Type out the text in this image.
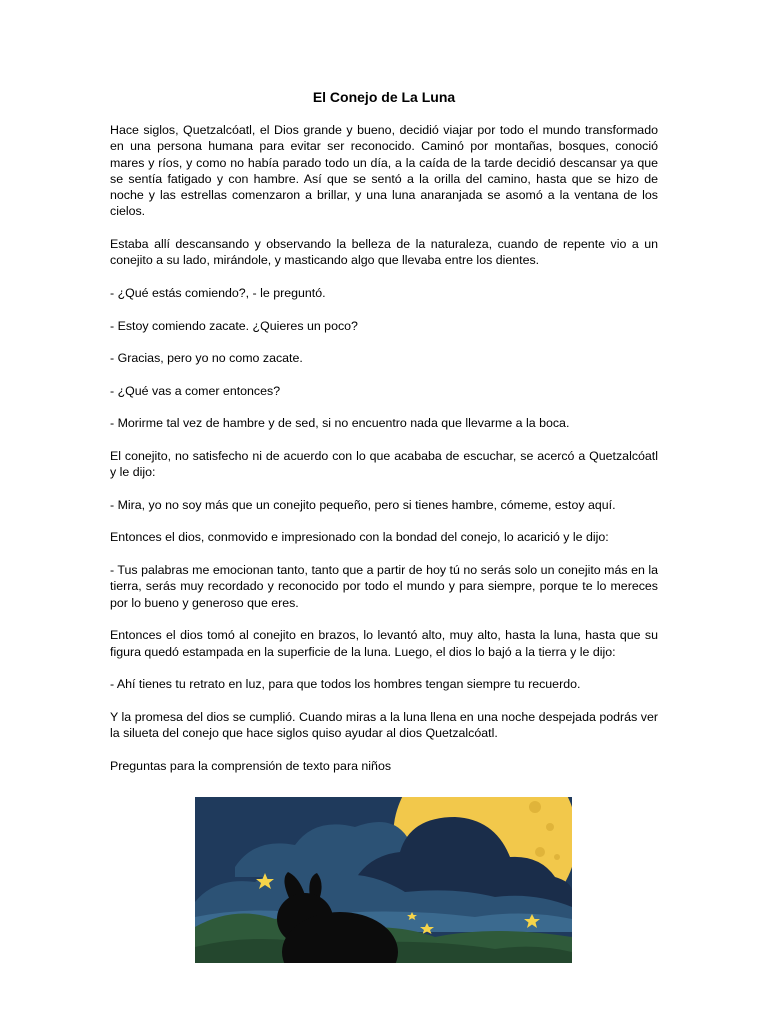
El Conejo de La Luna

Hace siglos, Quetzalcóatl, el Dios grande y bueno, decidió viajar por todo el mundo transformado en una persona humana para evitar ser reconocido. Caminó por montañas, bosques, conoció mares y ríos, y como no había parado todo un día, a la caída de la tarde decidió descansar ya que se sentía fatigado y con hambre. Así que se sentó a la orilla del camino, hasta que se hizo de noche y las estrellas comenzaron a brillar, y una luna anaranjada se asomó a la ventana de los cielos.

Estaba allí descansando y observando la belleza de la naturaleza, cuando de repente vio a un conejito a su lado, mirándole, y masticando algo que llevaba entre los dientes.

- ¿Qué estás comiendo?, - le preguntó.

- Estoy comiendo zacate. ¿Quieres un poco?

- Gracias, pero yo no como zacate.

- ¿Qué vas a comer entonces?

- Morirme tal vez de hambre y de sed, si no encuentro nada que llevarme a la boca.

El conejito, no satisfecho ni de acuerdo con lo que acababa de escuchar, se acercó a Quetzalcóatl y le dijo:

- Mira, yo no soy más que un conejito pequeño, pero si tienes hambre, cómeme, estoy aquí.

Entonces el dios, conmovido e impresionado con la bondad del conejo, lo acarició y le dijo:

- Tus palabras me emocionan tanto, tanto que a partir de hoy tú no serás solo un conejito más en la tierra, serás muy recordado y reconocido por todo el mundo y para siempre, porque te lo mereces por lo bueno y generoso que eres.

Entonces el dios tomó al conejito en brazos, lo levantó alto, muy alto, hasta la luna, hasta que su figura quedó estampada en la superficie de la luna. Luego, el dios lo bajó a la tierra y le dijo:

- Ahí tienes tu retrato en luz, para que todos los hombres tengan siempre tu recuerdo.

Y la promesa del dios se cumplió. Cuando miras a la luna llena en una noche despejada podrás ver la silueta del conejo que hace siglos quiso ayudar al dios Quetzalcóatl.

Preguntas para la comprensión de texto para niños
